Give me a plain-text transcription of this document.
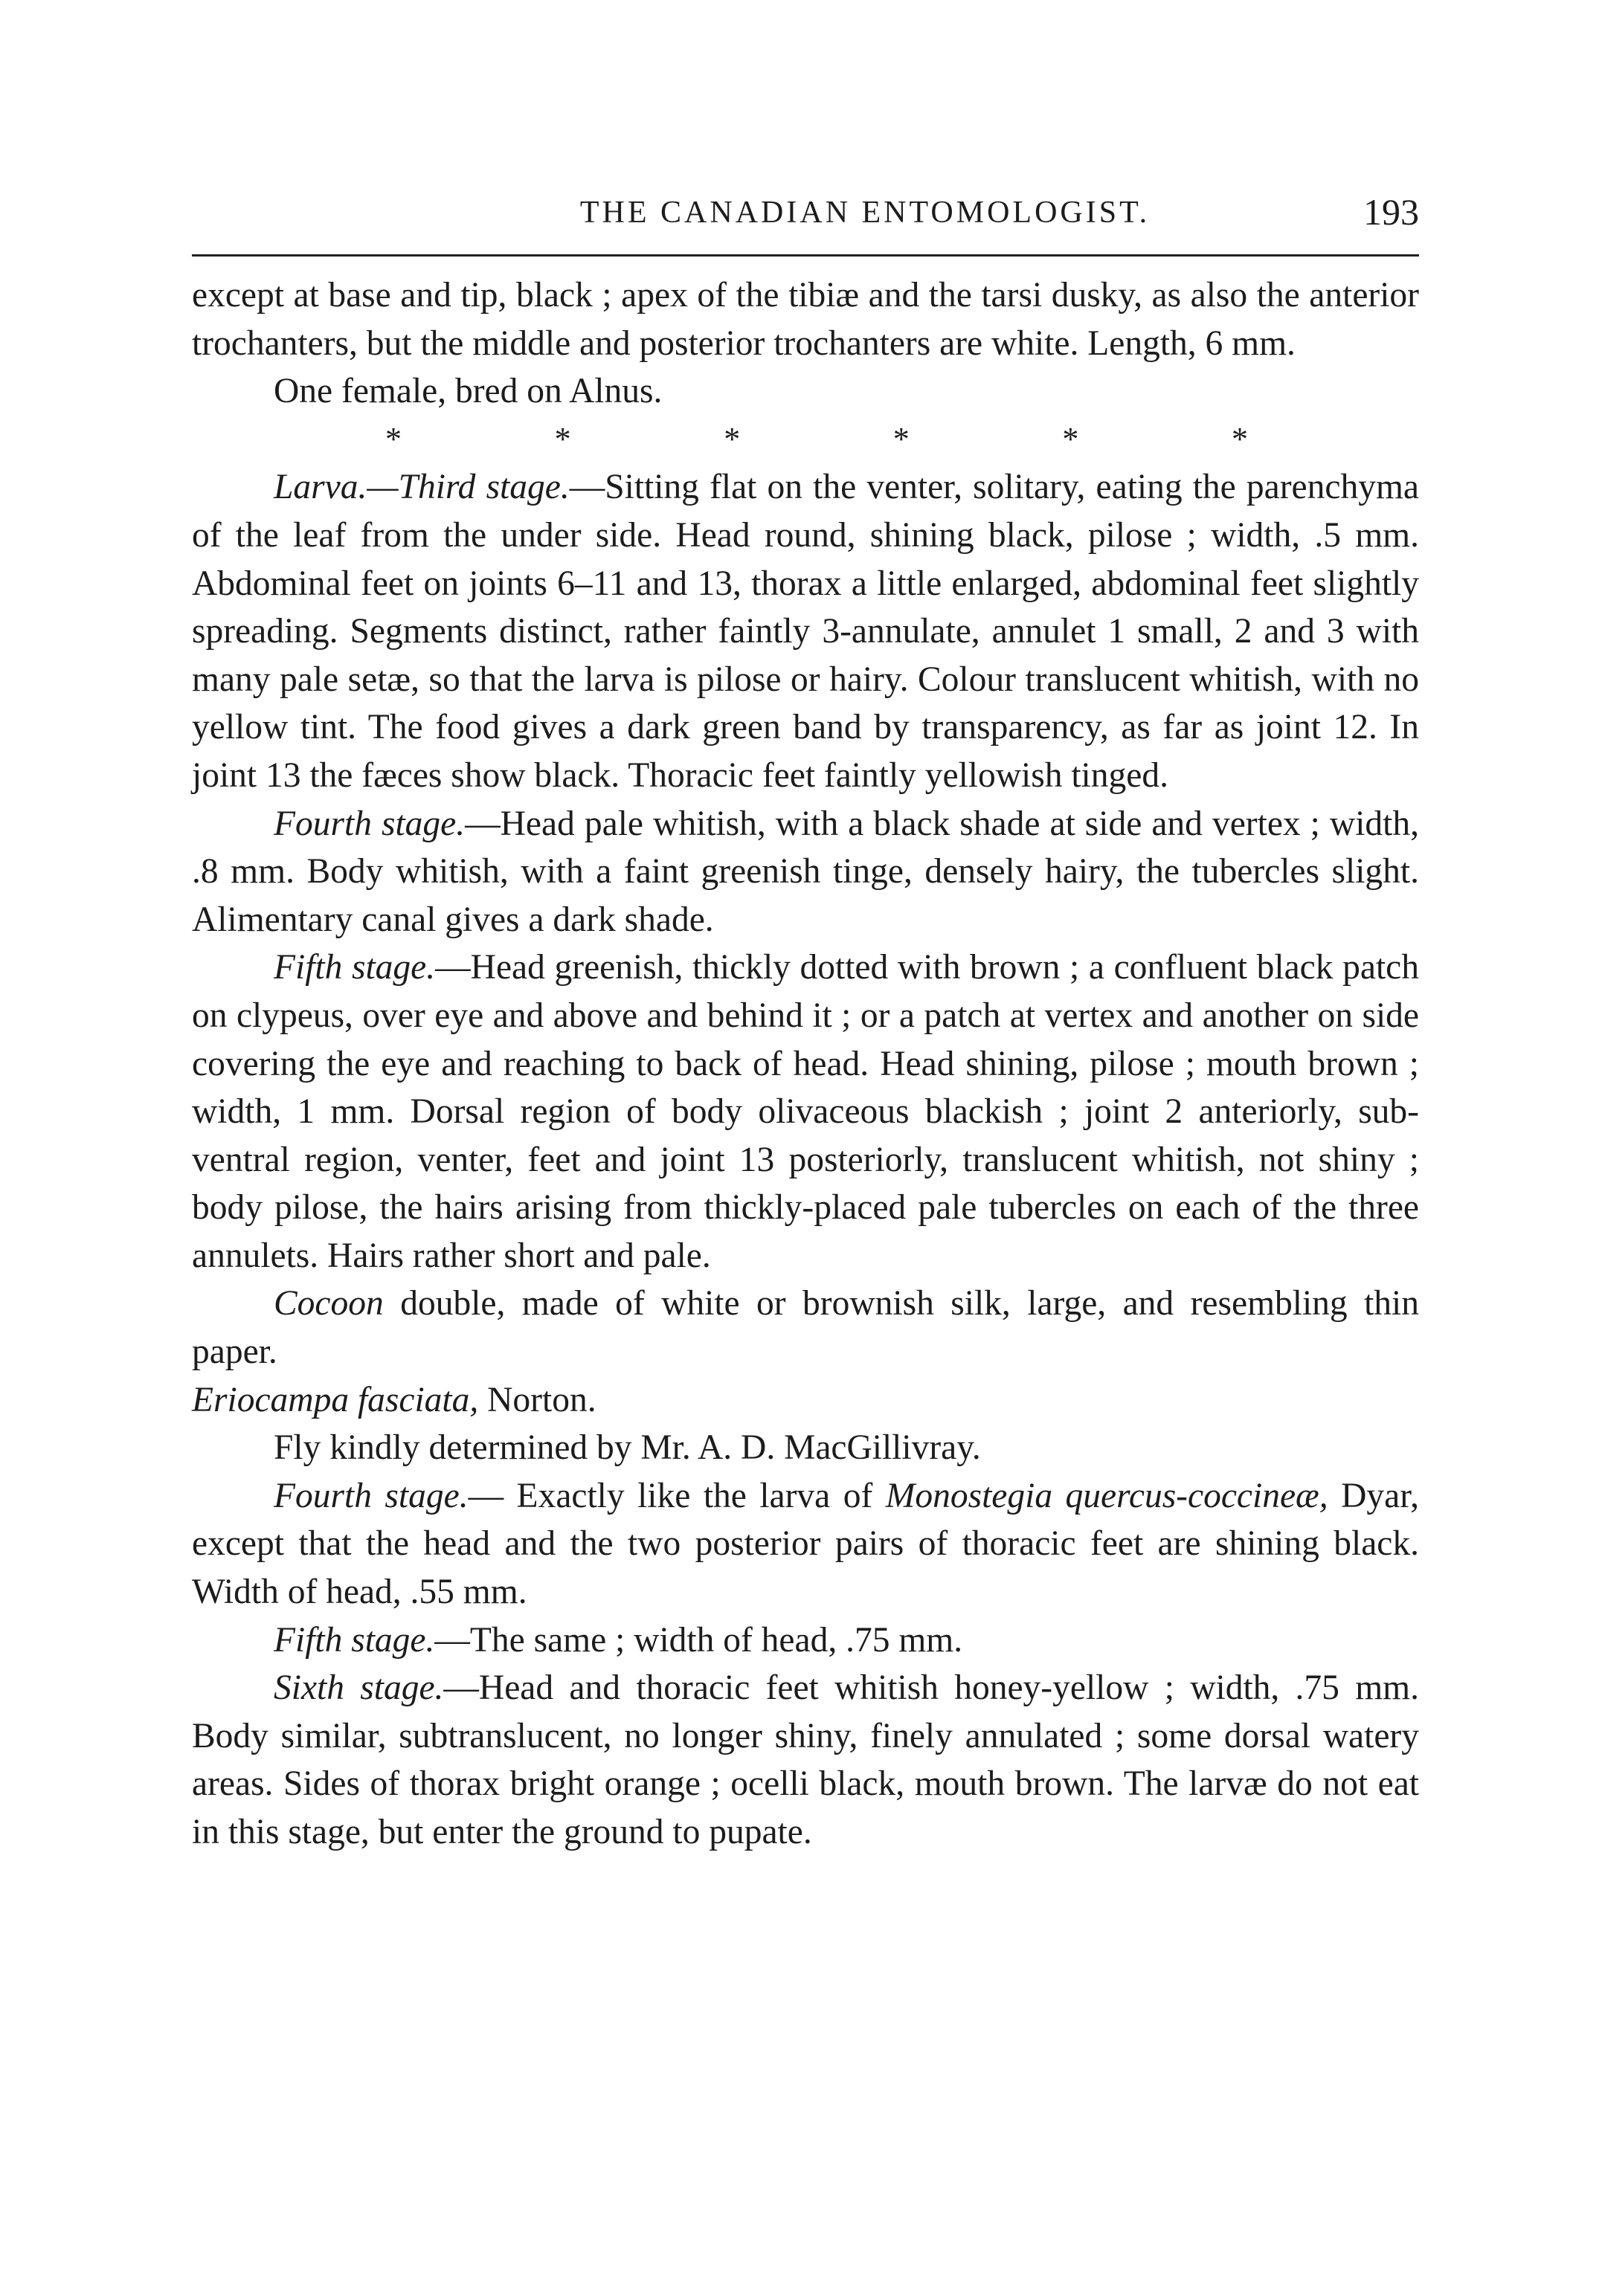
THE CANADIAN ENTOMOLOGIST.	193

except at base and tip, black ; apex of the tibiæ and the tarsi dusky, as also the anterior trochanters, but the middle and posterior trochanters are white. Length, 6 mm.

One female, bred on Alnus.

*	*	*	*	*	*

Larva.—Third stage.—Sitting flat on the venter, solitary, eating the parenchyma of the leaf from the under side. Head round, shining black, pilose ; width, .5 mm. Abdominal feet on joints 6–11 and 13, thorax a little enlarged, abdominal feet slightly spreading. Segments distinct, rather faintly 3-annulate, annulet 1 small, 2 and 3 with many pale setæ, so that the larva is pilose or hairy. Colour translucent whitish, with no yellow tint. The food gives a dark green band by transparency, as far as joint 12. In joint 13 the fæces show black. Thoracic feet faintly yellowish tinged.

Fourth stage.—Head pale whitish, with a black shade at side and vertex ; width, .8 mm. Body whitish, with a faint greenish tinge, densely hairy, the tubercles slight. Alimentary canal gives a dark shade.

Fifth stage.—Head greenish, thickly dotted with brown ; a confluent black patch on clypeus, over eye and above and behind it ; or a patch at vertex and another on side covering the eye and reaching to back of head. Head shining, pilose ; mouth brown ; width, 1 mm. Dorsal region of body olivaceous blackish ; joint 2 anteriorly, sub-ventral region, venter, feet and joint 13 posteriorly, translucent whitish, not shiny ; body pilose, the hairs arising from thickly-placed pale tubercles on each of the three annulets. Hairs rather short and pale.

Cocoon double, made of white or brownish silk, large, and resembling thin paper.

Eriocampa fasciata, Norton.

Fly kindly determined by Mr. A. D. MacGillivray.

Fourth stage.— Exactly like the larva of Monostegia quercus-coccineæ, Dyar, except that the head and the two posterior pairs of thoracic feet are shining black. Width of head, .55 mm.

Fifth stage.—The same ; width of head, .75 mm.

Sixth stage.—Head and thoracic feet whitish honey-yellow ; width, .75 mm. Body similar, subtranslucent, no longer shiny, finely annulated ; some dorsal watery areas. Sides of thorax bright orange ; ocelli black, mouth brown. The larvæ do not eat in this stage, but enter the ground to pupate.
